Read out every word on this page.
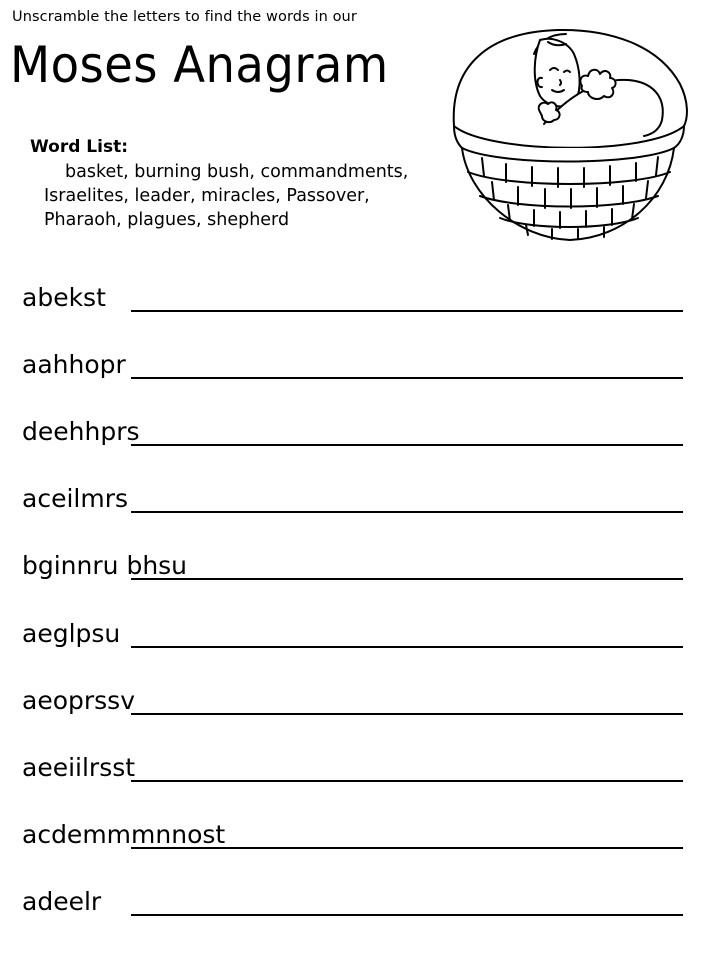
Unscramble the letters to find the words in our
Moses Anagram
Word List:
basket, burning bush, commandments,
Israelites, leader, miracles, Passover,
Pharaoh, plagues, shepherd
abekst
aahhopr
deehhprs
aceilmrs
bginnru bhsu
aeglpsu
aeoprssv
aeeiilrsst
acdemmmnnost
adeelr
